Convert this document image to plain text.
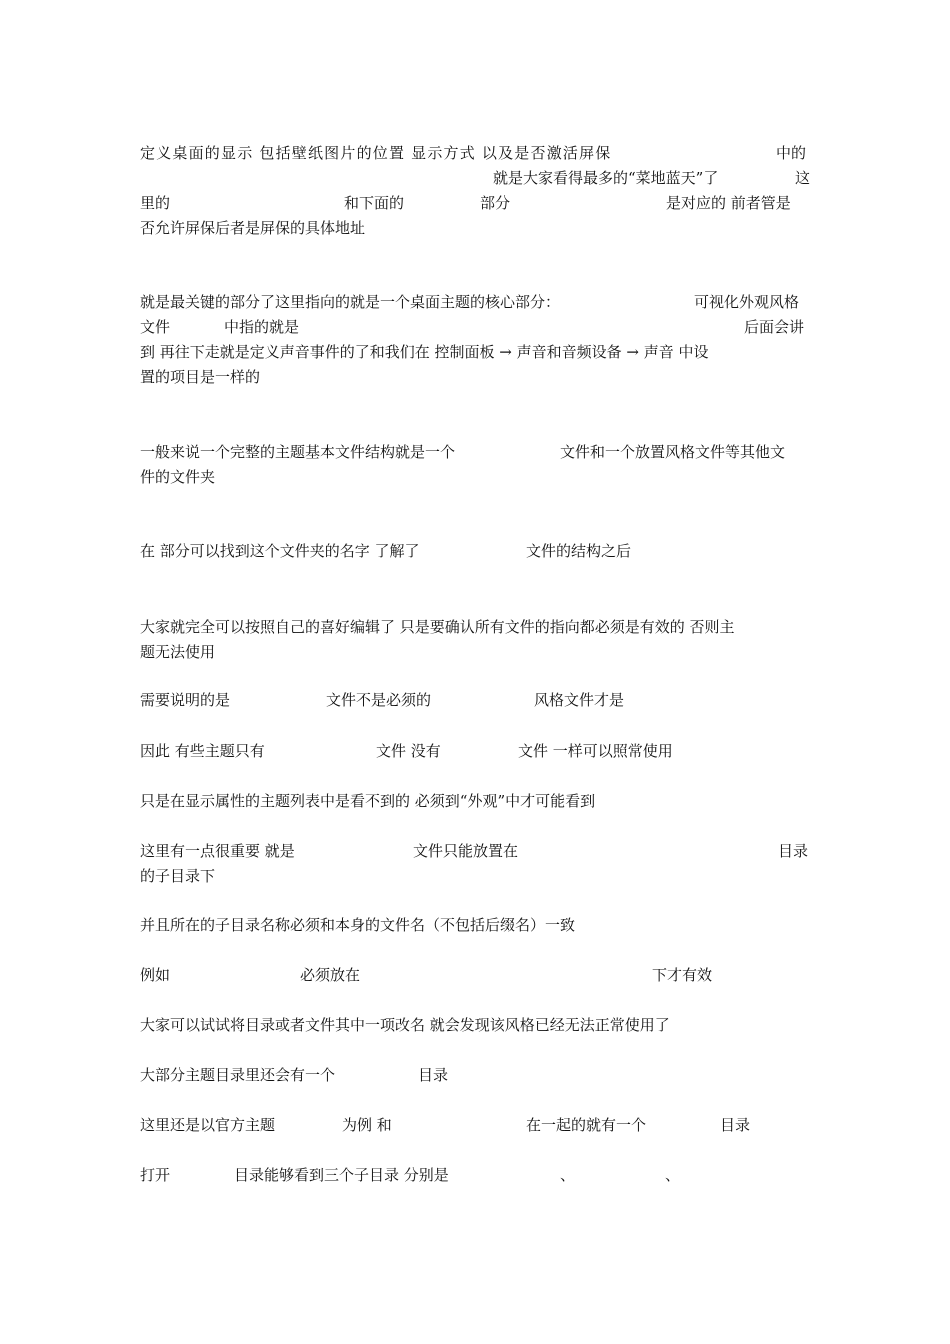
定义桌面的显示 包括壁纸图片的位置 显示方式 以及是否激活屏保	中的
就是大家看得最多的“菜地蓝天”了	这
里的	和下面的	部分	是对应的 前者管是
否允许屏保后者是屏保的具体地址
就是最关键的部分了这里指向的就是一个桌面主题的核心部分：	可视化外观风格
文件	中指的就是	后面会讲
到 再往下走就是定义声音事件的了和我们在 控制面板 → 声音和音频设备 → 声音 中设
置的项目是一样的
一般来说一个完整的主题基本文件结构就是一个	文件和一个放置风格文件等其他文
件的文件夹
在 部分可以找到这个文件夹的名字 了解了	文件的结构之后
大家就完全可以按照自己的喜好编辑了 只是要确认所有文件的指向都必须是有效的 否则主
题无法使用
需要说明的是	文件不是必须的	风格文件才是
因此 有些主题只有	文件 没有	文件 一样可以照常使用
只是在显示属性的主题列表中是看不到的 必须到“外观”中才可能看到
这里有一点很重要 就是	文件只能放置在	目录
的子目录下
并且所在的子目录名称必须和本身的文件名（不包括后缀名）一致
例如	必须放在	下才有效
大家可以试试将目录或者文件其中一项改名 就会发现该风格已经无法正常使用了
大部分主题目录里还会有一个	目录
这里还是以官方主题	为例 和	在一起的就有一个	目录
打开	目录能够看到三个子目录 分别是	、	、
